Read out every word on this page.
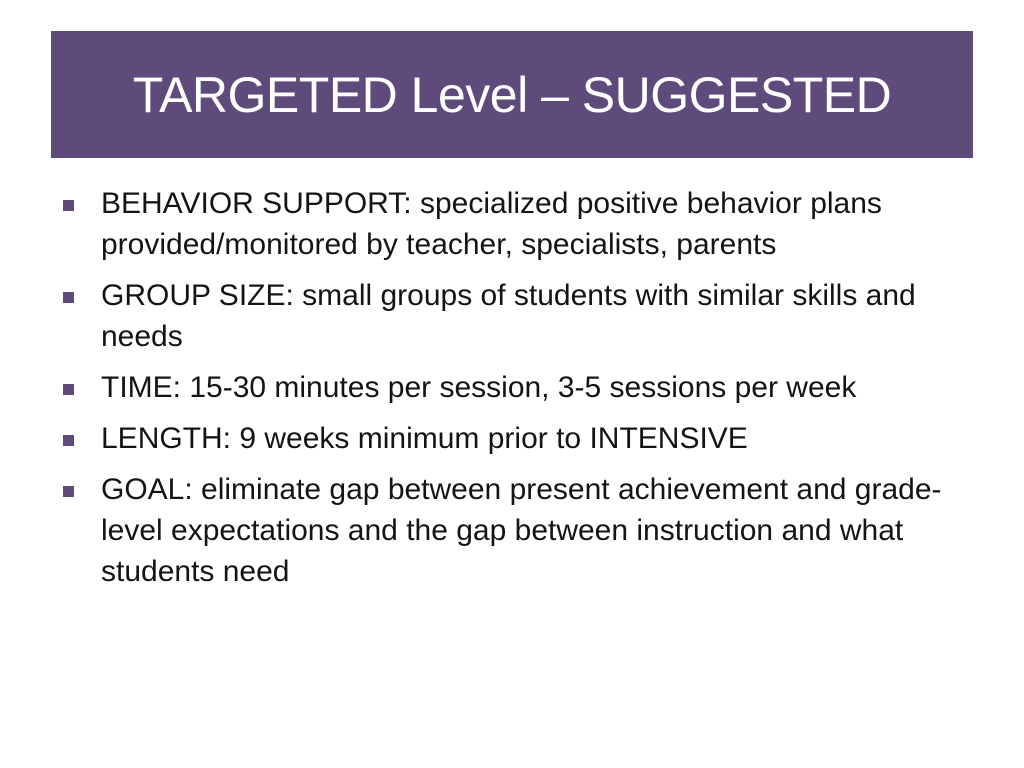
TARGETED Level – SUGGESTED
BEHAVIOR SUPPORT: specialized positive behavior plans provided/monitored by teacher, specialists, parents
GROUP SIZE: small groups of students with similar skills and needs
TIME: 15-30 minutes per session, 3-5 sessions per week
LENGTH: 9 weeks minimum prior to INTENSIVE
GOAL: eliminate gap between present achievement and grade-level expectations and the gap between instruction and what students need
